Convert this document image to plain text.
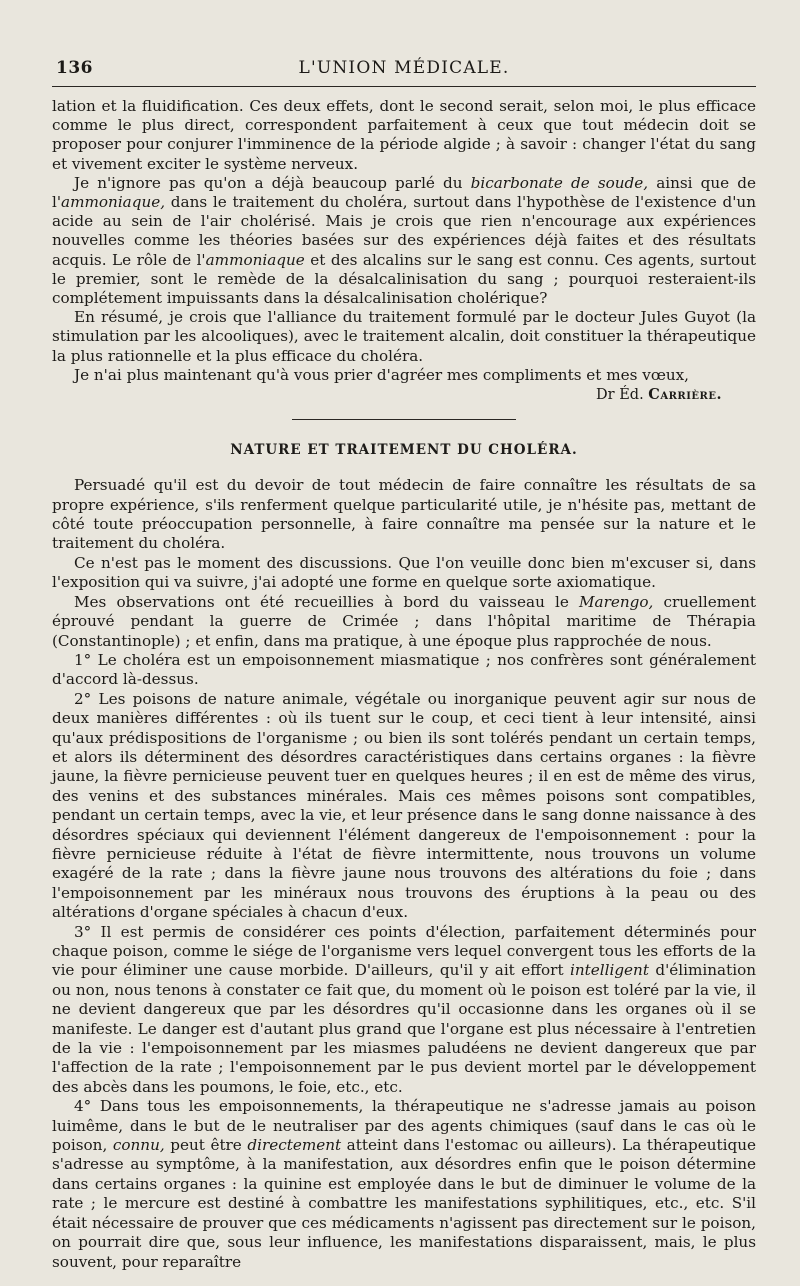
136	L'UNION MÉDICALE.

lation et la fluidification. Ces deux effets, dont le second serait, selon moi, le plus efficace comme le plus direct, correspondent parfaitement à ceux que tout médecin doit se proposer pour conjurer l'imminence de la période algide ; à savoir : changer l'état du sang et vivement exciter le système nerveux.

Je n'ignore pas qu'on a déjà beaucoup parlé du bicarbonate de soude, ainsi que de l'ammoniaque, dans le traitement du choléra, surtout dans l'hypothèse de l'existence d'un acide au sein de l'air cholérisé. Mais je crois que rien n'encourage aux expériences nouvelles comme les théories basées sur des expériences déjà faites et des résultats acquis. Le rôle de l'ammoniaque et des alcalins sur le sang est connu. Ces agents, surtout le premier, sont le remède de la désalcalinisation du sang ; pourquoi resteraient-ils complétement impuissants dans la désalcalinisation cholérique?

En résumé, je crois que l'alliance du traitement formulé par le docteur Jules Guyot (la stimulation par les alcooliques), avec le traitement alcalin, doit constituer la thérapeutique la plus rationnelle et la plus efficace du choléra.

Je n'ai plus maintenant qu'à vous prier d'agréer mes compliments et mes vœux,

Dr Éd. Carrière.
NATURE ET TRAITEMENT DU CHOLÉRA.

Persuadé qu'il est du devoir de tout médecin de faire connaître les résultats de sa propre expérience, s'ils renferment quelque particularité utile, je n'hésite pas, mettant de côté toute préoccupation personnelle, à faire connaître ma pensée sur la nature et le traitement du choléra.

Ce n'est pas le moment des discussions. Que l'on veuille donc bien m'excuser si, dans l'exposition qui va suivre, j'ai adopté une forme en quelque sorte axiomatique.

Mes observations ont été recueillies à bord du vaisseau le Marengo, cruellement éprouvé pendant la guerre de Crimée ; dans l'hôpital maritime de Thérapia (Constantinople) ; et enfin, dans ma pratique, à une époque plus rapprochée de nous.

1° Le choléra est un empoisonnement miasmatique ; nos confrères sont généralement d'accord là-dessus.

2° Les poisons de nature animale, végétale ou inorganique peuvent agir sur nous de deux manières différentes : où ils tuent sur le coup, et ceci tient à leur intensité, ainsi qu'aux prédispositions de l'organisme ; ou bien ils sont tolérés pendant un certain temps, et alors ils déterminent des désordres caractéristiques dans certains organes : la fièvre jaune, la fièvre pernicieuse peuvent tuer en quelques heures ; il en est de même des virus, des venins et des substances minérales. Mais ces mêmes poisons sont compatibles, pendant un certain temps, avec la vie, et leur présence dans le sang donne naissance à des désordres spéciaux qui deviennent l'élément dangereux de l'empoisonnement : pour la fièvre pernicieuse réduite à l'état de fièvre intermittente, nous trouvons un volume exagéré de la rate ; dans la fièvre jaune nous trouvons des altérations du foie ; dans l'empoisonnement par les minéraux nous trouvons des éruptions à la peau ou des altérations d'organe spéciales à chacun d'eux.

3° Il est permis de considérer ces points d'élection, parfaitement déterminés pour chaque poison, comme le siége de l'organisme vers lequel convergent tous les efforts de la vie pour éliminer une cause morbide. D'ailleurs, qu'il y ait effort intelligent d'élimination ou non, nous tenons à constater ce fait que, du moment où le poison est toléré par la vie, il ne devient dangereux que par les désordres qu'il occasionne dans les organes où il se manifeste. Le danger est d'autant plus grand que l'organe est plus nécessaire à l'entretien de la vie : l'empoisonnement par les miasmes paludéens ne devient dangereux que par l'affection de la rate ; l'empoisonnement par le pus devient mortel par le développement des abcès dans les poumons, le foie, etc., etc.

4° Dans tous les empoisonnements, la thérapeutique ne s'adresse jamais au poison luimême, dans le but de le neutraliser par des agents chimiques (sauf dans le cas où le poison, connu, peut être directement atteint dans l'estomac ou ailleurs). La thérapeutique s'adresse au symptôme, à la manifestation, aux désordres enfin que le poison détermine dans certains organes : la quinine est employée dans le but de diminuer le volume de la rate ; le mercure est destiné à combattre les manifestations syphilitiques, etc., etc. S'il était nécessaire de prouver que ces médicaments n'agissent pas directement sur le poison, on pourrait dire que, sous leur influence, les manifestations disparaissent, mais, le plus souvent, pour reparaître
